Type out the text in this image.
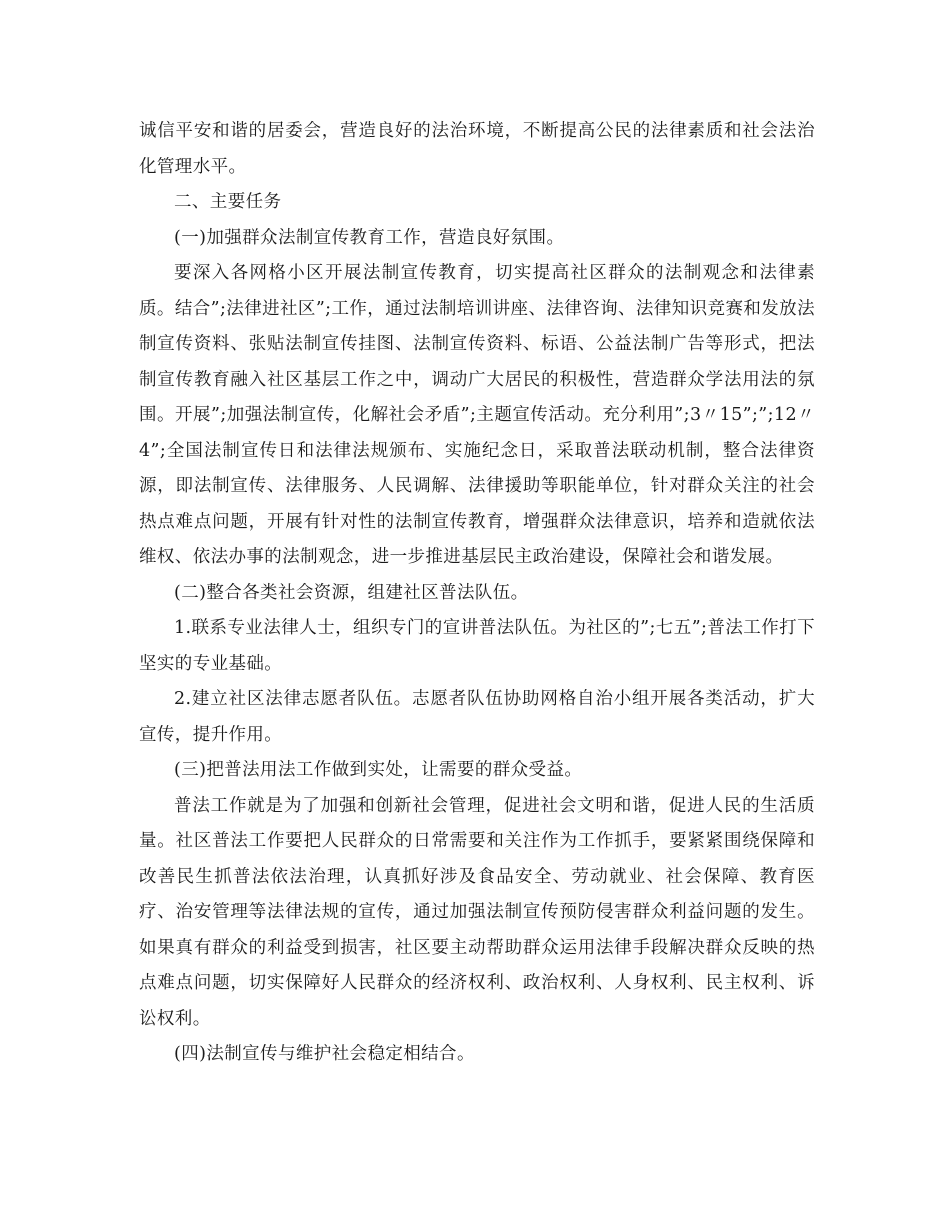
诚信平安和谐的居委会，营造良好的法治环境，不断提高公民的法律素质和社会法治化管理水平。

二、主要任务

(一)加强群众法制宣传教育工作，营造良好氛围。

要深入各网格小区开展法制宣传教育，切实提高社区群众的法制观念和法律素质。结合”;法律进社区”;工作，通过法制培训讲座、法律咨询、法律知识竞赛和发放法制宣传资料、张贴法制宣传挂图、法制宣传资料、标语、公益法制广告等形式，把法制宣传教育融入社区基层工作之中，调动广大居民的积极性，营造群众学法用法的氛围。开展”;加强法制宣传，化解社会矛盾”;主题宣传活动。充分利用”;3〃15”;”;12〃4”;全国法制宣传日和法律法规颁布、实施纪念日，采取普法联动机制，整合法律资源，即法制宣传、法律服务、人民调解、法律援助等职能单位，针对群众关注的社会热点难点问题，开展有针对性的法制宣传教育，增强群众法律意识，培养和造就依法维权、依法办事的法制观念，进一步推进基层民主政治建设，保障社会和谐发展。

(二)整合各类社会资源，组建社区普法队伍。

1.联系专业法律人士，组织专门的宣讲普法队伍。为社区的”;七五”;普法工作打下坚实的专业基础。

2.建立社区法律志愿者队伍。志愿者队伍协助网格自治小组开展各类活动，扩大宣传，提升作用。

(三)把普法用法工作做到实处，让需要的群众受益。

普法工作就是为了加强和创新社会管理，促进社会文明和谐，促进人民的生活质量。社区普法工作要把人民群众的日常需要和关注作为工作抓手，要紧紧围绕保障和改善民生抓普法依法治理，认真抓好涉及食品安全、劳动就业、社会保障、教育医疗、治安管理等法律法规的宣传，通过加强法制宣传预防侵害群众利益问题的发生。如果真有群众的利益受到损害，社区要主动帮助群众运用法律手段解决群众反映的热点难点问题，切实保障好人民群众的经济权利、政治权利、人身权利、民主权利、诉讼权利。

(四)法制宣传与维护社会稳定相结合。
